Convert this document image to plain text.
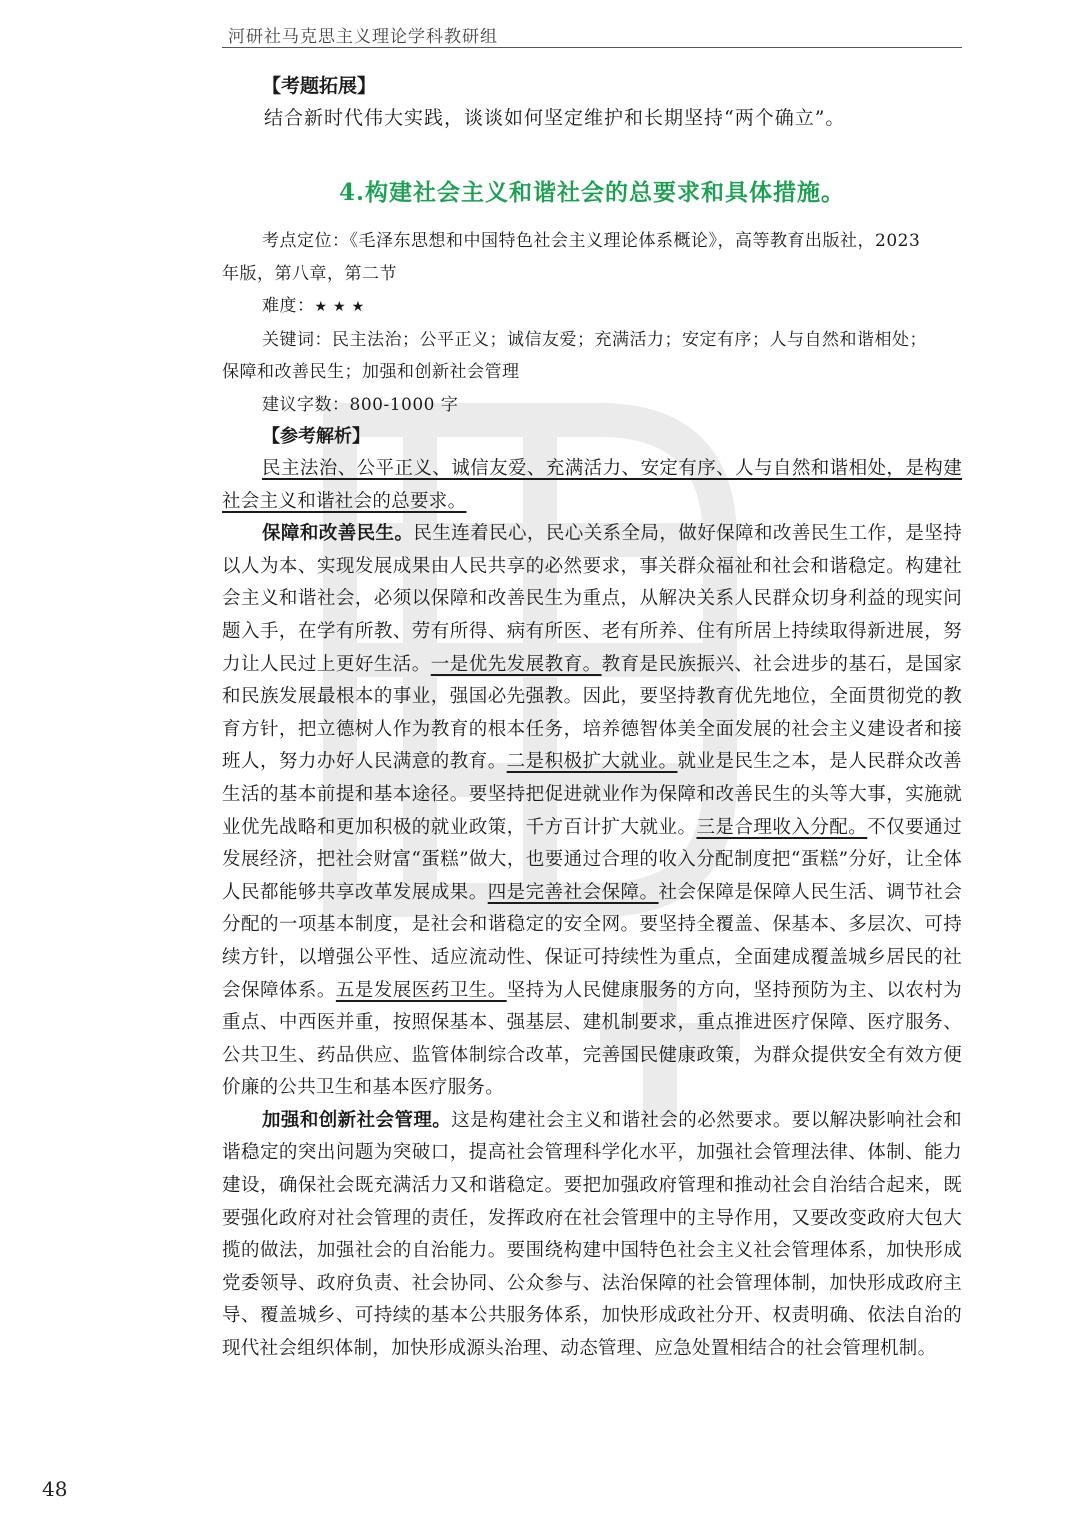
河研社马克思主义理论学科教研组
【考题拓展】
结合新时代伟大实践，谈谈如何坚定维护和长期坚持“两个确立”。
4.构建社会主义和谐社会的总要求和具体措施。
考点定位：《毛泽东思想和中国特色社会主义理论体系概论》，高等教育出版社，2023
年版，第八章，第二节
难度：★★★
关键词：民主法治；公平正义；诚信友爱；充满活力；安定有序；人与自然和谐相处；
保障和改善民生；加强和创新社会管理
建议字数：800-1000 字
【参考解析】

民主法治、公平正义、诚信友爱、充满活力、安定有序、人与自然和谐相处，是构建社会主义和谐社会的总要求。

保障和改善民生。民生连着民心，民心关系全局，做好保障和改善民生工作，是坚持以人为本、实现发展成果由人民共享的必然要求，事关群众福祉和社会和谐稳定。构建社会主义和谐社会，必须以保障和改善民生为重点，从解决关系人民群众切身利益的现实问题入手，在学有所教、劳有所得、病有所医、老有所养、住有所居上持续取得新进展，努力让人民过上更好生活。一是优先发展教育。教育是民族振兴、社会进步的基石，是国家和民族发展最根本的事业，强国必先强教。因此，要坚持教育优先地位，全面贯彻党的教育方针，把立德树人作为教育的根本任务，培养德智体美全面发展的社会主义建设者和接班人，努力办好人民满意的教育。二是积极扩大就业。就业是民生之本，是人民群众改善生活的基本前提和基本途径。要坚持把促进就业作为保障和改善民生的头等大事，实施就业优先战略和更加积极的就业政策，千方百计扩大就业。三是合理收入分配。不仅要通过发展经济，把社会财富“蛋糕”做大，也要通过合理的收入分配制度把“蛋糕”分好，让全体人民都能够共享改革发展成果。四是完善社会保障。社会保障是保障人民生活、调节社会分配的一项基本制度，是社会和谐稳定的安全网。要坚持全覆盖、保基本、多层次、可持续方针，以增强公平性、适应流动性、保证可持续性为重点，全面建成覆盖城乡居民的社会保障体系。五是发展医药卫生。坚持为人民健康服务的方向，坚持预防为主、以农村为重点、中西医并重，按照保基本、强基层、建机制要求，重点推进医疗保障、医疗服务、公共卫生、药品供应、监管体制综合改革，完善国民健康政策，为群众提供安全有效方便价廉的公共卫生和基本医疗服务。

加强和创新社会管理。这是构建社会主义和谐社会的必然要求。要以解决影响社会和谐稳定的突出问题为突破口，提高社会管理科学化水平，加强社会管理法律、体制、能力建设，确保社会既充满活力又和谐稳定。要把加强政府管理和推动社会自治结合起来，既要强化政府对社会管理的责任，发挥政府在社会管理中的主导作用，又要改变政府大包大揽的做法，加强社会的自治能力。要围绕构建中国特色社会主义社会管理体系，加快形成党委领导、政府负责、社会协同、公众参与、法治保障的社会管理体制，加快形成政府主导、覆盖城乡、可持续的基本公共服务体系，加快形成政社分开、权责明确、依法自治的现代社会组织体制，加快形成源头治理、动态管理、应急处置相结合的社会管理机制。

48
